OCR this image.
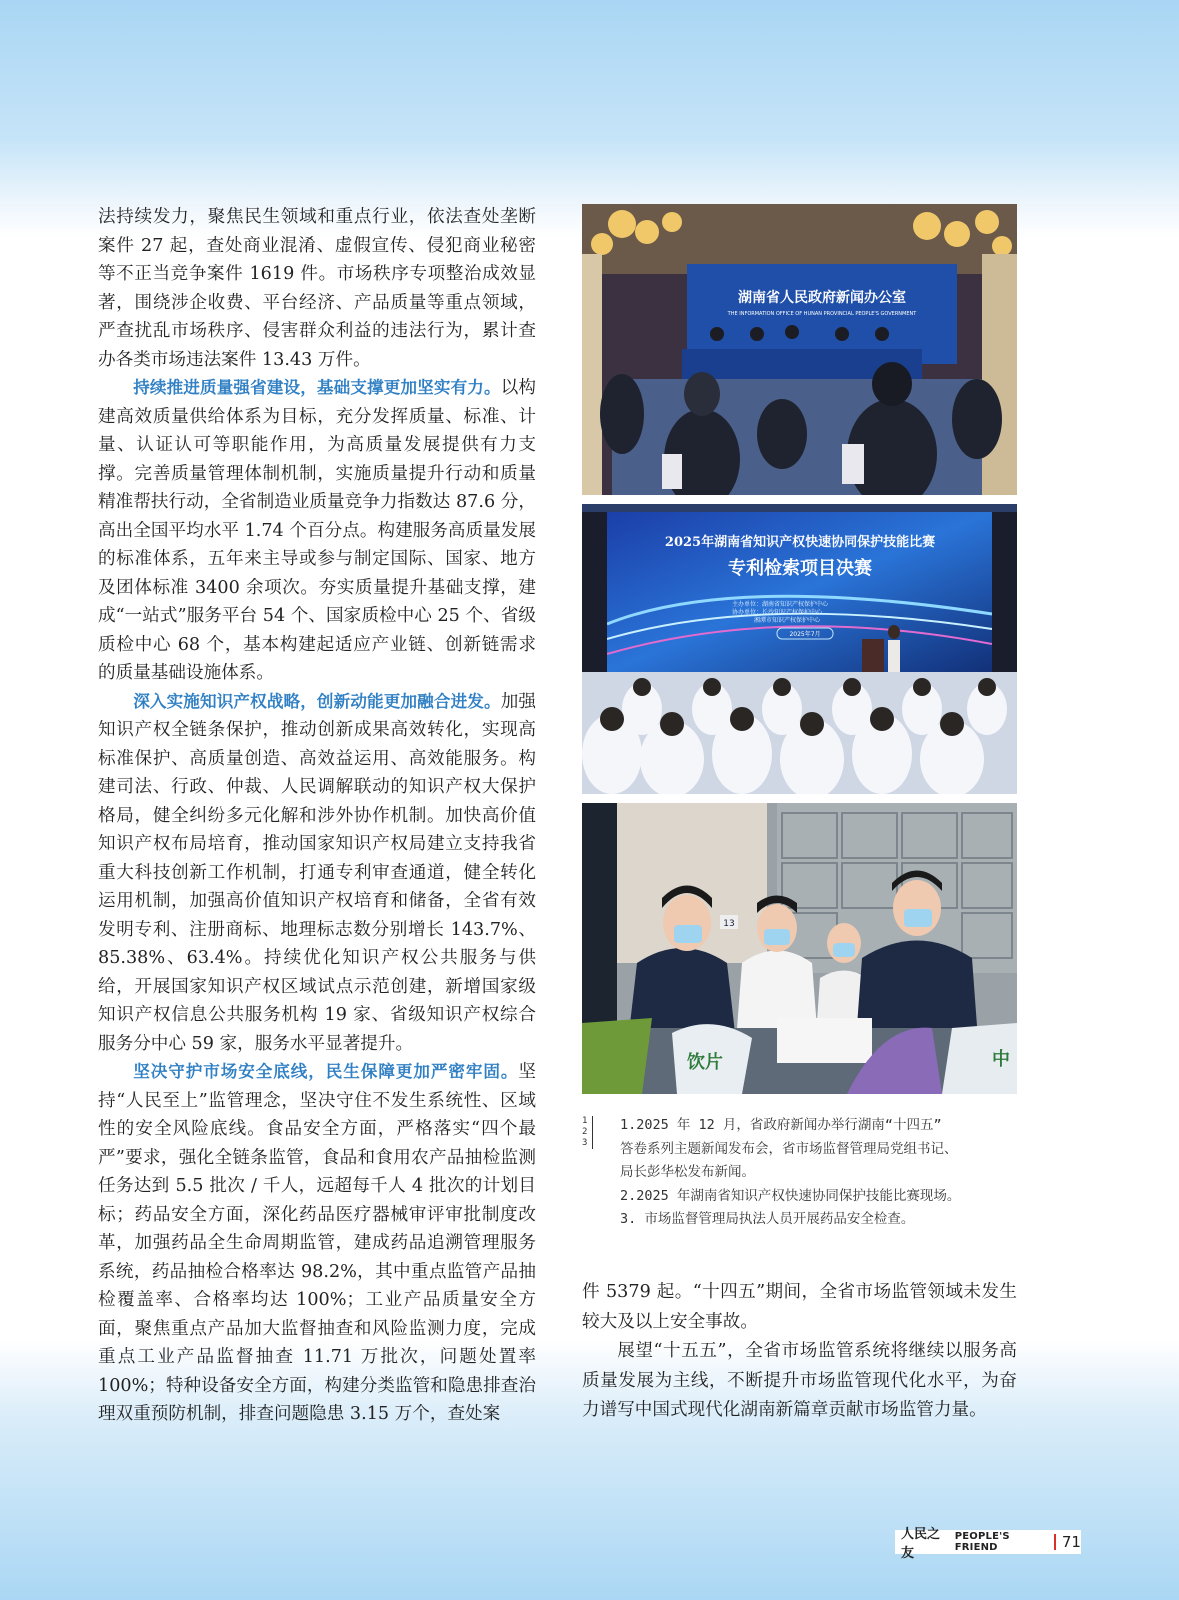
法持续发力，聚焦民生领域和重点行业，依法查处垄断案件 27 起，查处商业混淆、虚假宣传、侵犯商业秘密等不正当竞争案件 1619 件。市场秩序专项整治成效显著，围绕涉企收费、平台经济、产品质量等重点领域，严查扰乱市场秩序、侵害群众利益的违法行为，累计查办各类市场违法案件 13.43 万件。

持续推进质量强省建设，基础支撑更加坚实有力。以构建高效质量供给体系为目标，充分发挥质量、标准、计量、认证认可等职能作用，为高质量发展提供有力支撑。完善质量管理体制机制，实施质量提升行动和质量精准帮扶行动，全省制造业质量竞争力指数达 87.6 分，高出全国平均水平 1.74 个百分点。构建服务高质量发展的标准体系，五年来主导或参与制定国际、国家、地方及团体标准 3400 余项次。夯实质量提升基础支撑，建成“一站式”服务平台 54 个、国家质检中心 25 个、省级质检中心 68 个，基本构建起适应产业链、创新链需求的质量基础设施体系。

深入实施知识产权战略，创新动能更加融合进发。加强知识产权全链条保护，推动创新成果高效转化，实现高标准保护、高质量创造、高效益运用、高效能服务。构建司法、行政、仲裁、人民调解联动的知识产权大保护格局，健全纠纷多元化解和涉外协作机制。加快高价值知识产权布局培育，推动国家知识产权局建立支持我省重大科技创新工作机制，打通专利审查通道，健全转化运用机制，加强高价值知识产权培育和储备，全省有效发明专利、注册商标、地理标志数分别增长 143.7%、85.38%、63.4%。持续优化知识产权公共服务与供给，开展国家知识产权区域试点示范创建，新增国家级知识产权信息公共服务机构 19 家、省级知识产权综合服务分中心 59 家，服务水平显著提升。

坚决守护市场安全底线，民生保障更加严密牢固。坚持“人民至上”监管理念，坚决守住不发生系统性、区域性的安全风险底线。食品安全方面，严格落实“四个最严”要求，强化全链条监管，食品和食用农产品抽检监测任务达到 5.5 批次 / 千人，远超每千人 4 批次的计划目标；药品安全方面，深化药品医疗器械审评审批制度改革，加强药品全生命周期监管，建成药品追溯管理服务系统，药品抽检合格率达 98.2%，其中重点监管产品抽检覆盖率、合格率均达 100%；工业产品质量安全方面，聚焦重点产品加大监督抽查和风险监测力度，完成重点工业产品监督抽查 11.71 万批次，问题处置率 100%；特种设备安全方面，构建分类监管和隐患排查治理双重预防机制，排查问题隐患 3.15 万个，查处案

湖南省人民政府新闻办公室
THE INFORMATION OFFICE OF HUNAN PROVINCIAL PEOPLE'S GOVERNMENT
2025年湖南省知识产权快速协同保护技能比赛
专利检索项目决赛
主办单位：湖南省知识产权保护中心
协办单位：长沙知识产权保护中心
湘潭市知识产权保护中心
2025年7月
13
饮片	中
1
2
3
1.2025 年 12 月，省政府新闻办举行湖南“十四五”
答卷系列主题新闻发布会，省市场监督管理局党组书记、
局长彭华松发布新闻。
2.2025 年湖南省知识产权快速协同保护技能比赛现场。
3. 市场监督管理局执法人员开展药品安全检查。

件 5379 起。“十四五”期间，全省市场监管领域未发生较大及以上安全事故。

展望“十五五”，全省市场监管系统将继续以服务高质量发展为主线，不断提升市场监管现代化水平，为奋力谱写中国式现代化湖南新篇章贡献市场监管力量。

人民之友
PEOPLE'S FRIEND	71
